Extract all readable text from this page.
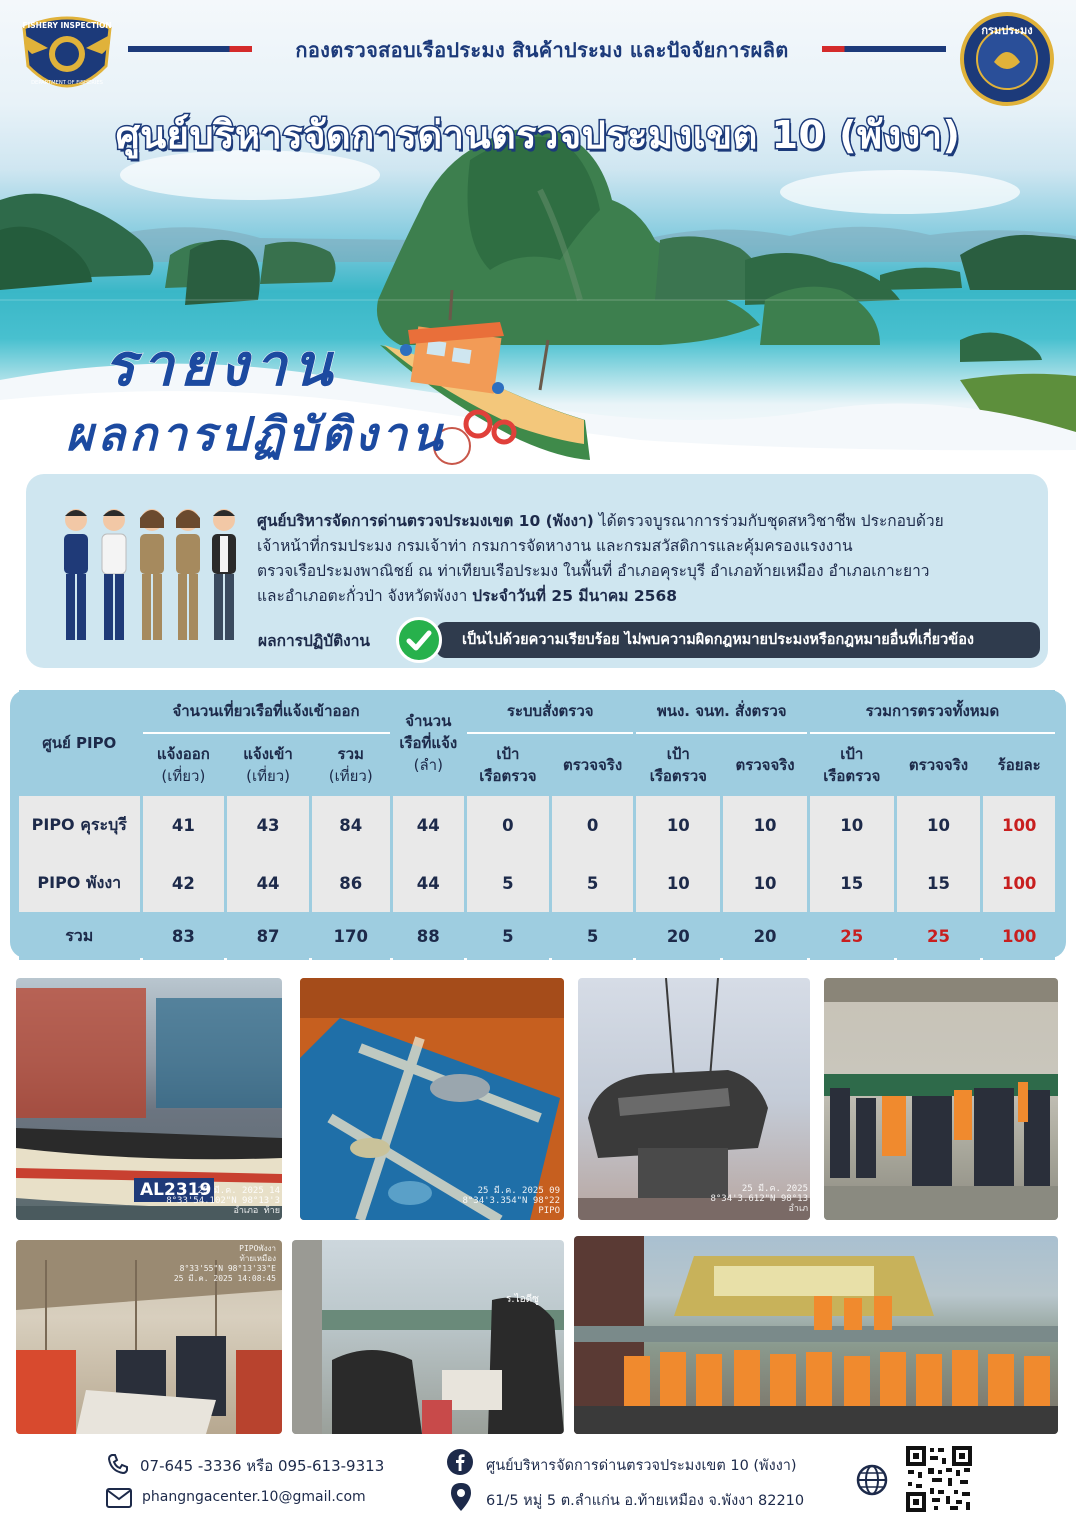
FISHERY INSPECTION
DEPARTMENT OF FISHERIES
กรมประมง
กองตรวจสอบเรือประมง สินค้าประมง และปัจจัยการผลิต
ศูนย์บริหารจัดการด่านตรวจประมงเขต 10 (พังงา)
รายงาน
ผลการปฏิบัติงาน
ศูนย์บริหารจัดการด่านตรวจประมงเขต 10 (พังงา) ได้ตรวจบูรณาการร่วมกับชุดสหวิชาชีพ ประกอบด้วย
เจ้าหน้าที่กรมประมง กรมเจ้าท่า กรมการจัดหางาน และกรมสวัสดิการและคุ้มครองแรงงาน
ตรวจเรือประมงพาณิชย์ ณ ท่าเทียบเรือประมง ในพื้นที่ อำเภอคุระบุรี อำเภอท้ายเหมือง อำเภอเกาะยาว
และอำเภอตะกั่วป่า จังหวัดพังงา ประจำวันที่ 25 มีนาคม 2568
ผลการปฏิบัติงาน	เป็นไปด้วยความเรียบร้อย ไม่พบความผิดกฎหมายประมงหรือกฎหมายอื่นที่เกี่ยวข้อง
ศูนย์ PIPO	จำนวนเที่ยวเรือที่แจ้งเข้าออก			จำนวน
เรือที่แจ้ง
(ลำ)	ระบบสั่งตรวจ		พนง. จนท. สั่งตรวจ		รวมการตรวจทั้งหมด		

	แจ้งออก
(เที่ยว)	แจ้งเข้า
(เที่ยว)	รวม
(เที่ยว)		เป้า
เรือตรวจ	ตรวจจริง	เป้า
เรือตรวจ	ตรวจจริง	เป้า
เรือตรวจ	ตรวจจริง	ร้อยละ
PIPO คุระบุรี	41	43	84	44	0	0	10	10	10	10	100
PIPO พังงา	42	44	86	44	5	5	10	10	15	15	100
รวม	83	87	170	88	5	5	20	20	25	25	100
AL2319
25 มี.ค. 2025 14
8°33'54.102"N 98°13'3
อำเภอ ท้าย
25 มี.ค. 2025 09
8°34'3.354"N 98°22
PIPO
25 มี.ค. 2025
8°34'3.612"N 98°13
อำเภ
PIPOพังงา
ท้ายเหมือง
8°33'55"N 98°13'33"E
25 มี.ค. 2025 14:08:45
ร.ไอดีซู
07-645 -3336 หรือ 095-613-9313
phangngacenter.10@gmail.com
ศูนย์บริหารจัดการด่านตรวจประมงเขต 10 (พังงา)
61/5 หมู่ 5 ต.ลำแก่น อ.ท้ายเหมือง จ.พังงา 82210
